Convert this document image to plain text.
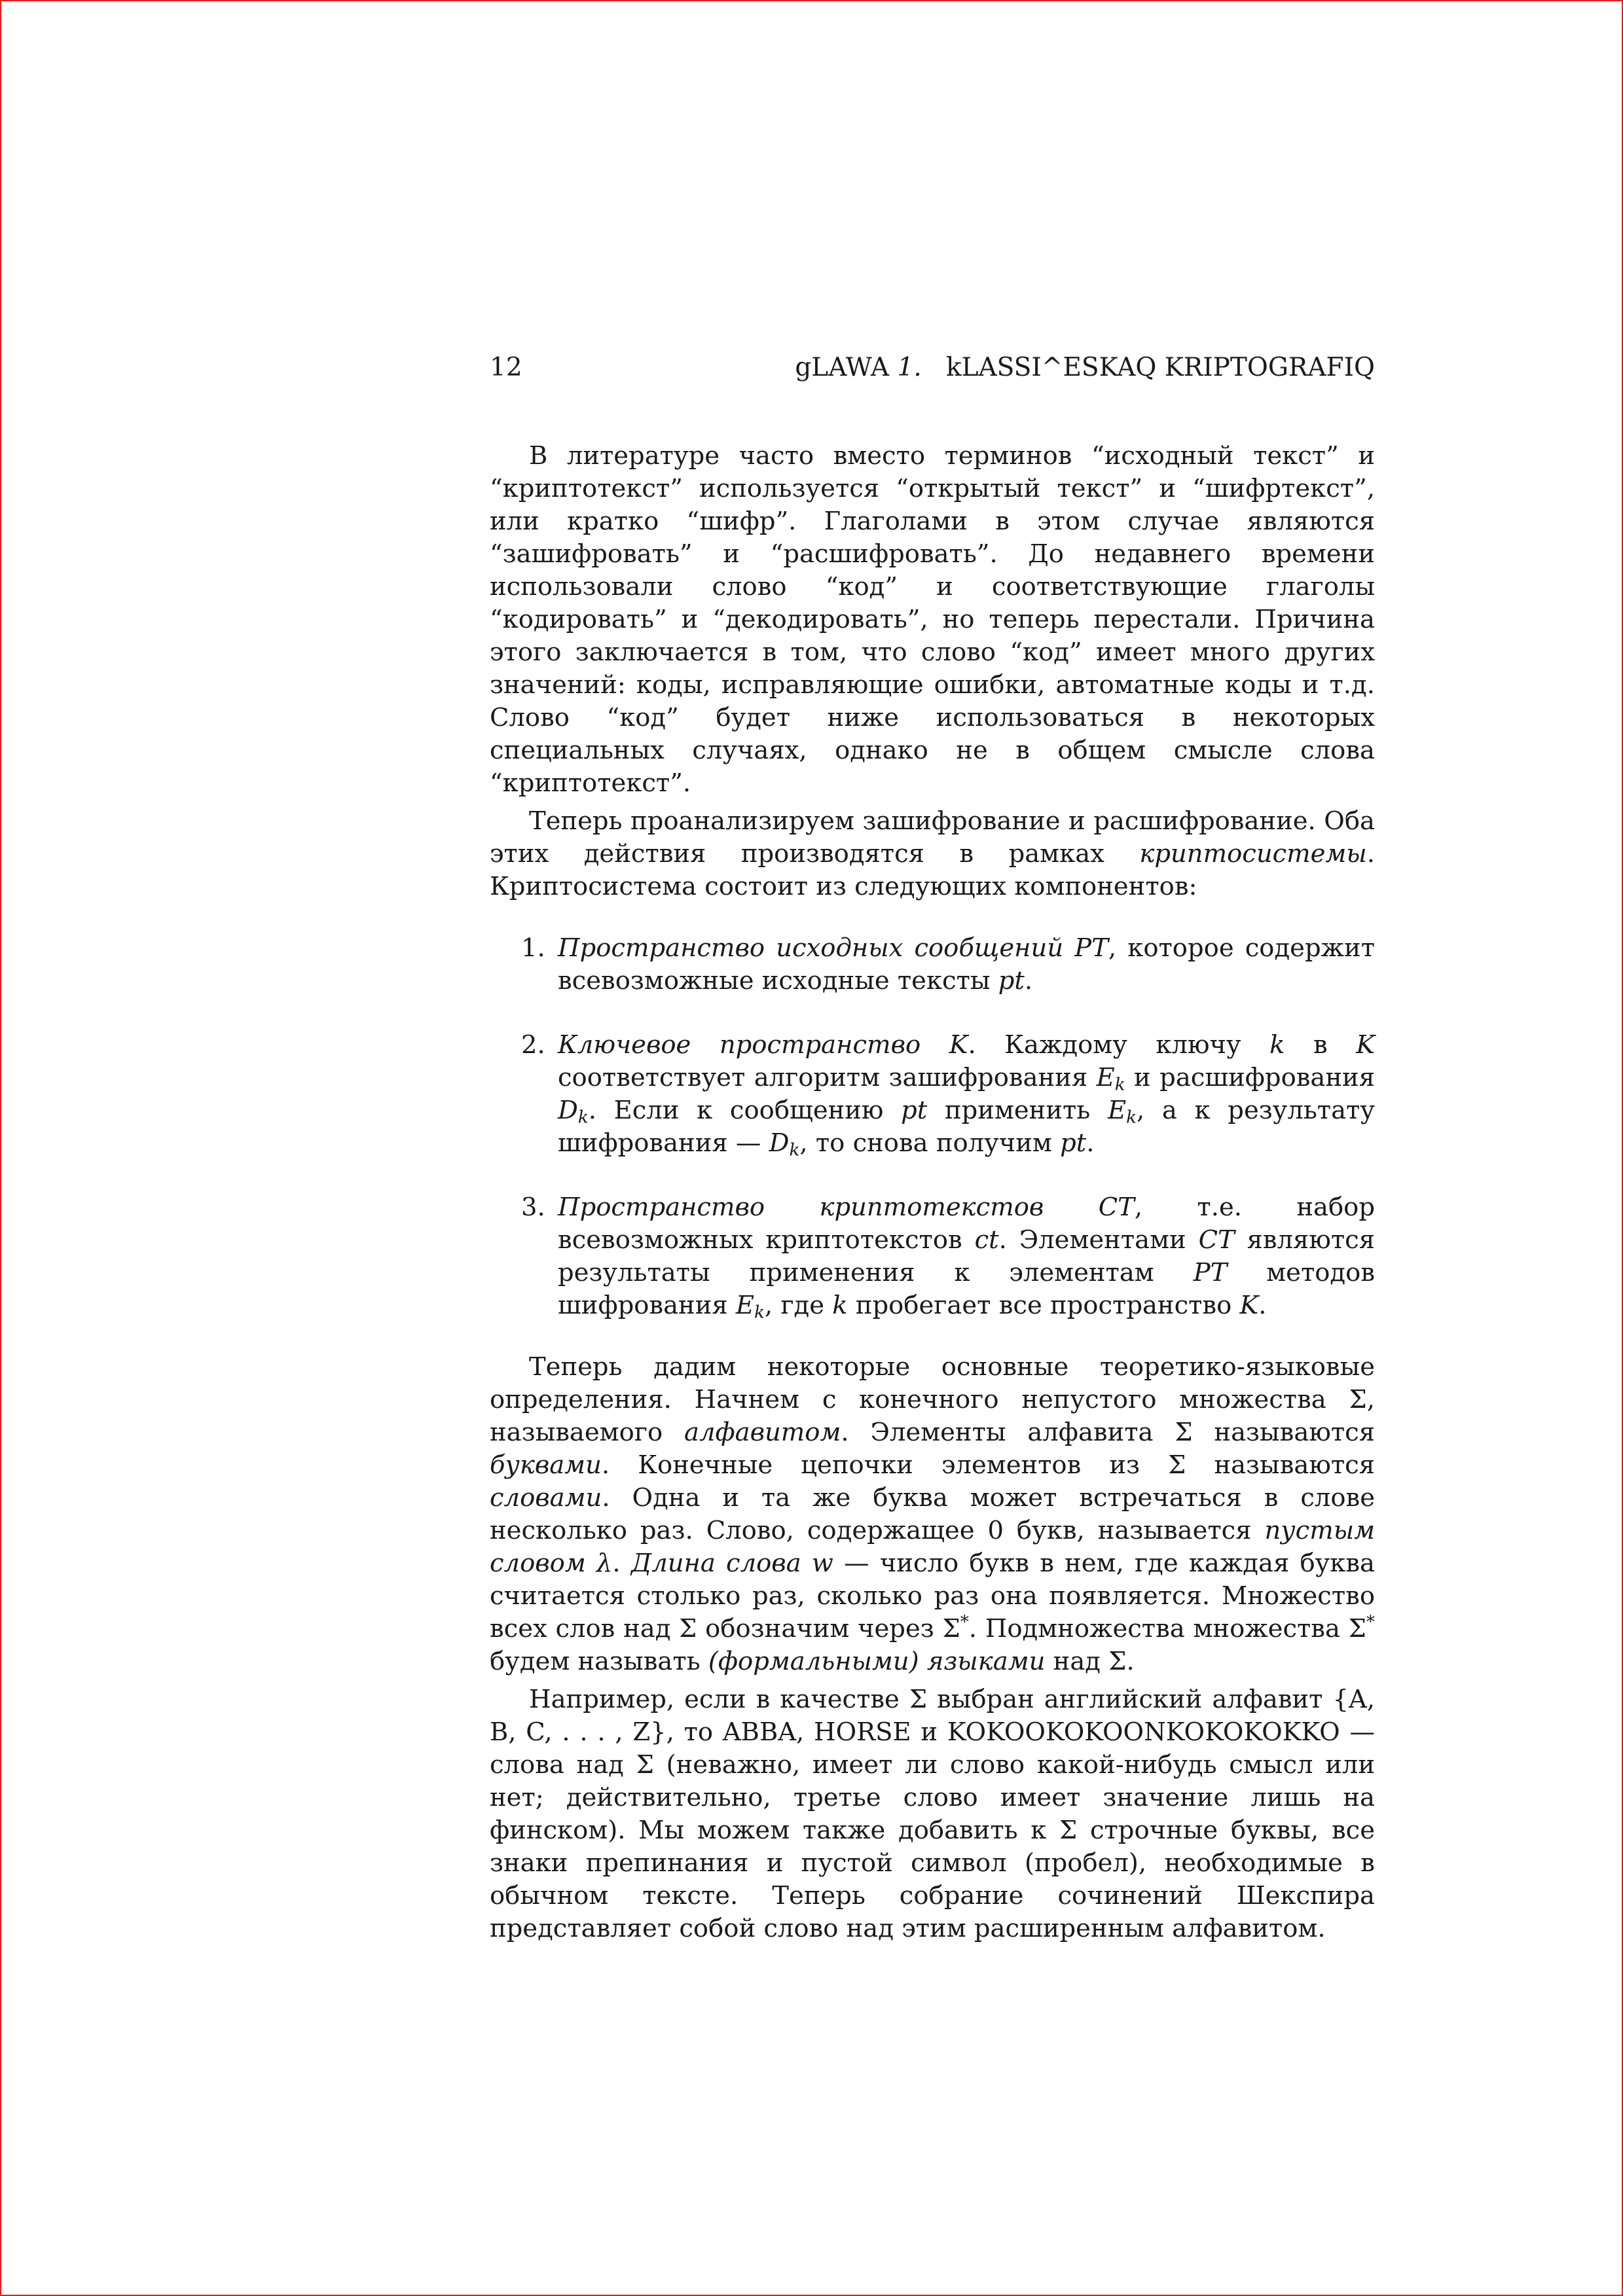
12	gLAWA 1. kLASSI^ESKAQ KRIPTOGRAFIQ

В литературе часто вместо терминов “исходный текст” и “криптотекст” используется “открытый текст” и “шифртекст”, или кратко “шифр”. Глаголами в этом случае являются “зашифровать” и “расшифровать”. До недавнего времени использовали слово “код” и соответствующие глаголы “кодировать” и “декодировать”, но теперь перестали. Причина этого заключается в том, что слово “код” имеет много других значений: коды, исправляющие ошибки, автоматные коды и т.д. Слово “код” будет ниже использоваться в некоторых специальных случаях, однако не в общем смысле слова “криптотекст”.

Теперь проанализируем зашифрование и расшифрование. Оба этих действия производятся в рамках криптосистемы. Криптосистема состоит из следующих компонентов:

1. Пространство исходных сообщений PT, которое содержит всевозможные исходные тексты pt.
2. Ключевое пространство K. Каждому ключу k в K соответствует алгоритм зашифрования $E_k$ и расшифрования $D_k$. Если к сообщению pt применить $E_k$, а к результату шифрования — $D_k$, то снова получим pt.
3. Пространство криптотекстов CT, т.е. набор всевозможных криптотекстов ct. Элементами CT являются результаты применения к элементам PT методов шифрования $E_k$, где k пробегает все пространство K.

Теперь дадим некоторые основные теоретико-языковые определения. Начнем с конечного непустого множества Σ, называемого алфавитом. Элементы алфавита Σ называются буквами. Конечные цепочки элементов из Σ называются словами. Одна и та же буква может встречаться в слове несколько раз. Слово, содержащее 0 букв, называется пустым словом λ. Длина слова w — число букв в нем, где каждая буква считается столько раз, сколько раз она появляется. Множество всех слов над Σ обозначим через Σ*. Подмножества множества Σ* будем называть (формальными) языками над Σ.

Например, если в качестве Σ выбран английский алфавит {A, B, C, . . . , Z}, то ABBA, HORSE и KOKOOKOKOONKOKOKOKKO — слова над Σ (неважно, имеет ли слово какой-нибудь смысл или нет; действительно, третье слово имеет значение лишь на финском). Мы можем также добавить к Σ строчные буквы, все знаки препинания и пустой символ (пробел), необходимые в обычном тексте. Теперь собрание сочинений Шекспира представляет собой слово над этим расширенным алфавитом.
